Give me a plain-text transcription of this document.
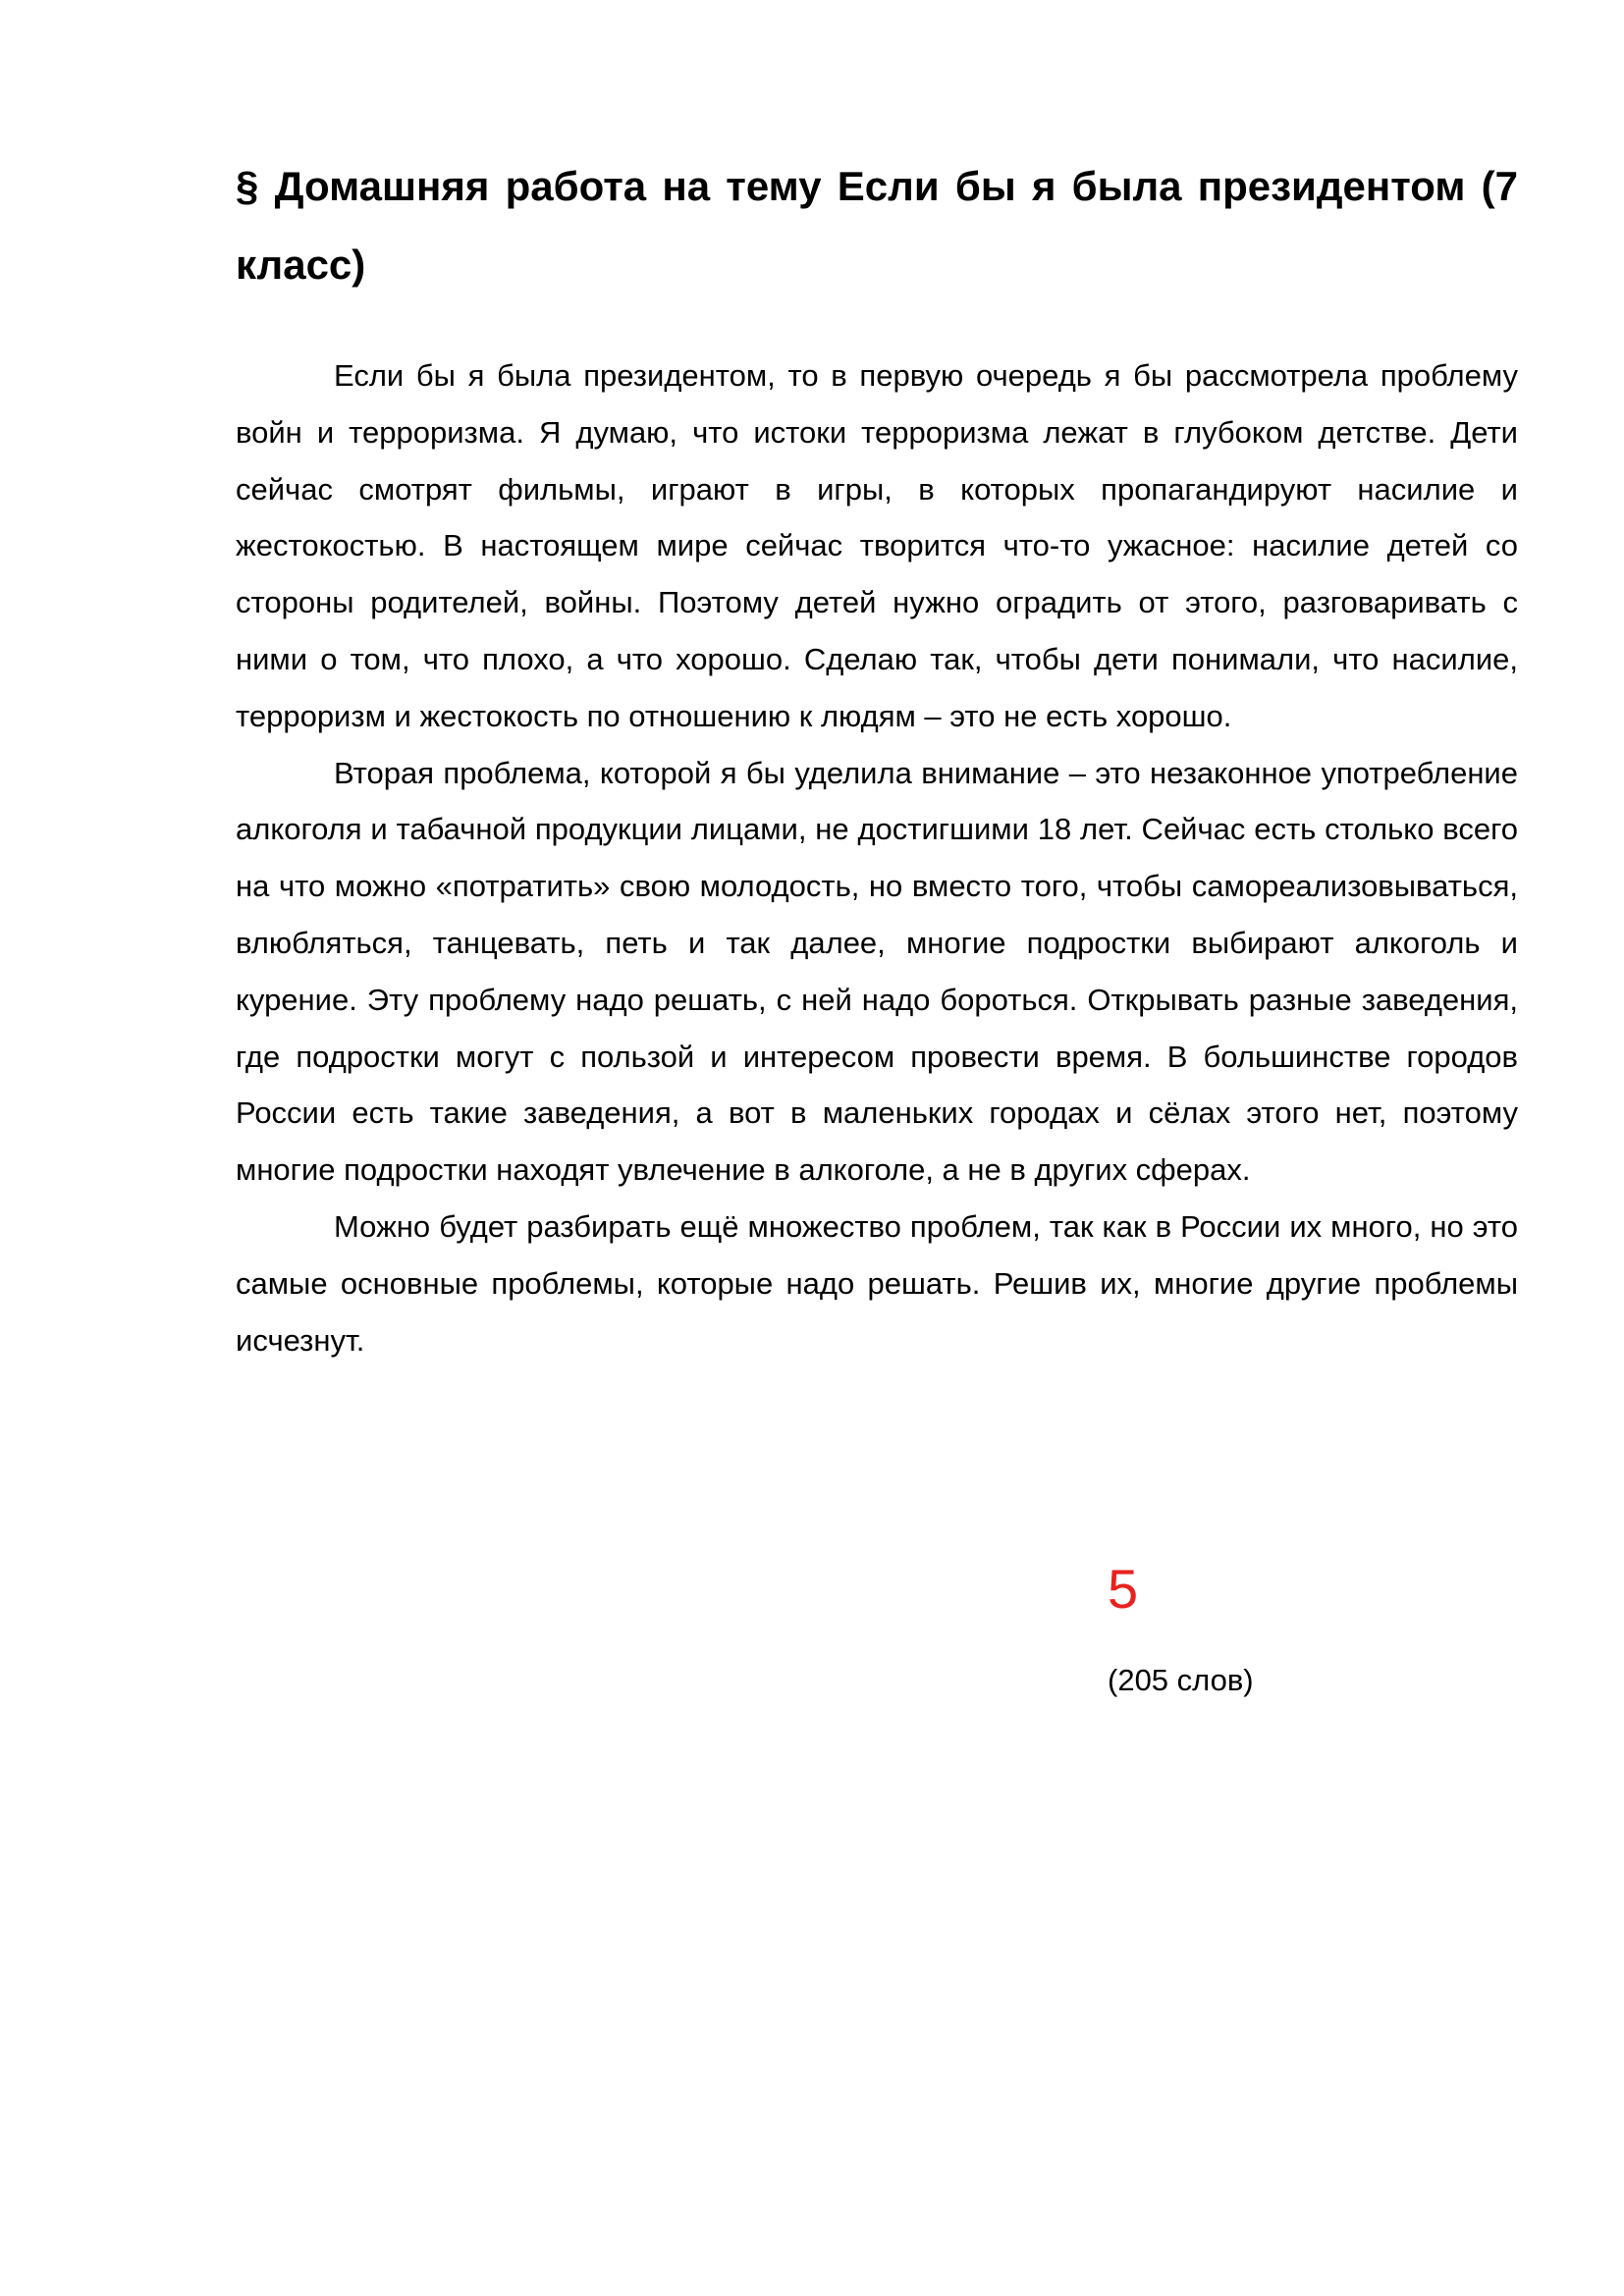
§ Домашняя работа на тему Если бы я была президентом (7 класс)

Если бы я была президентом, то в первую очередь я бы рассмотрела проблему войн и терроризма. Я думаю, что истоки терроризма лежат в глубоком детстве. Дети сейчас смотрят фильмы, играют в игры, в которых пропагандируют насилие и жестокостью. В настоящем мире сейчас творится что-то ужасное: насилие детей со стороны родителей, войны. Поэтому детей нужно оградить от этого, разговаривать с ними о том, что плохо, а что хорошо. Сделаю так, чтобы дети понимали, что насилие, терроризм и жестокость по отношению к людям – это не есть хорошо.

Вторая проблема, которой я бы уделила внимание – это незаконное употребление алкоголя и табачной продукции лицами, не достигшими 18 лет. Сейчас есть столько всего на что можно «потратить» свою молодость, но вместо того, чтобы самореализовываться, влюбляться, танцевать, петь и так далее, многие подростки выбирают алкоголь и курение. Эту проблему надо решать, с ней надо бороться. Открывать разные заведения, где подростки могут с пользой и интересом провести время. В большинстве городов России есть такие заведения, а вот в маленьких городах и сёлах этого нет, поэтому многие подростки находят увлечение в алкоголе, а не в других сферах.

Можно будет разбирать ещё множество проблем, так как в России их много, но это самые основные проблемы, которые надо решать. Решив их, многие другие проблемы исчезнут.

5
(205 слов)
